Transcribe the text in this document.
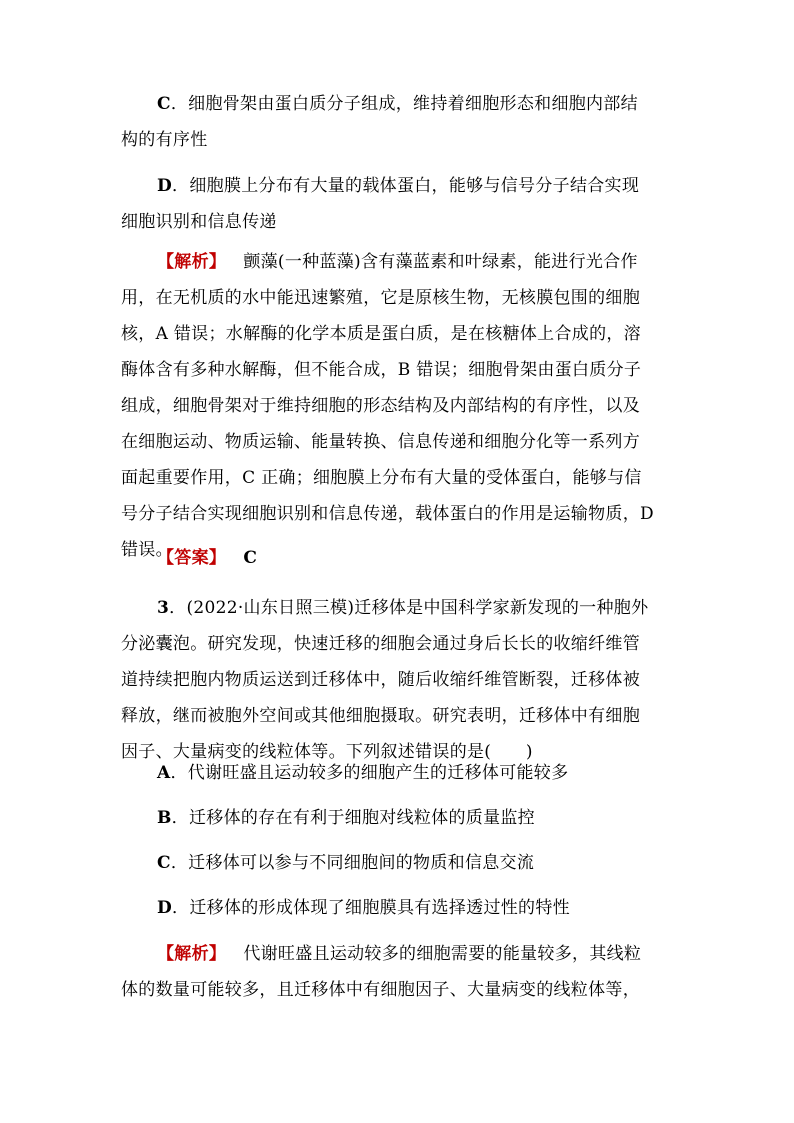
C．细胞骨架由蛋白质分子组成，维持着细胞形态和细胞内部结
构的有序性
D．细胞膜上分布有大量的载体蛋白，能够与信号分子结合实现
细胞识别和信息传递
【解析】 颤藻(一种蓝藻)含有藻蓝素和叶绿素，能进行光合作
用，在无机质的水中能迅速繁殖，它是原核生物，无核膜包围的细胞
核，A 错误；水解酶的化学本质是蛋白质，是在核糖体上合成的，溶
酶体含有多种水解酶，但不能合成，B 错误；细胞骨架由蛋白质分子
组成，细胞骨架对于维持细胞的形态结构及内部结构的有序性，以及
在细胞运动、物质运输、能量转换、信息传递和细胞分化等一系列方
面起重要作用，C 正确；细胞膜上分布有大量的受体蛋白，能够与信
号分子结合实现细胞识别和信息传递，载体蛋白的作用是运输物质，D
错误。
【答案】 C
3．(2022·山东日照三模)迁移体是中国科学家新发现的一种胞外
分泌囊泡。研究发现，快速迁移的细胞会通过身后长长的收缩纤维管
道持续把胞内物质运送到迁移体中，随后收缩纤维管断裂，迁移体被
释放，继而被胞外空间或其他细胞摄取。研究表明，迁移体中有细胞
因子、大量病变的线粒体等。下列叙述错误的是(　　)
A．代谢旺盛且运动较多的细胞产生的迁移体可能较多
B．迁移体的存在有利于细胞对线粒体的质量监控
C．迁移体可以参与不同细胞间的物质和信息交流
D．迁移体的形成体现了细胞膜具有选择透过性的特性
【解析】 代谢旺盛且运动较多的细胞需要的能量较多，其线粒
体的数量可能较多，且迁移体中有细胞因子、大量病变的线粒体等，
